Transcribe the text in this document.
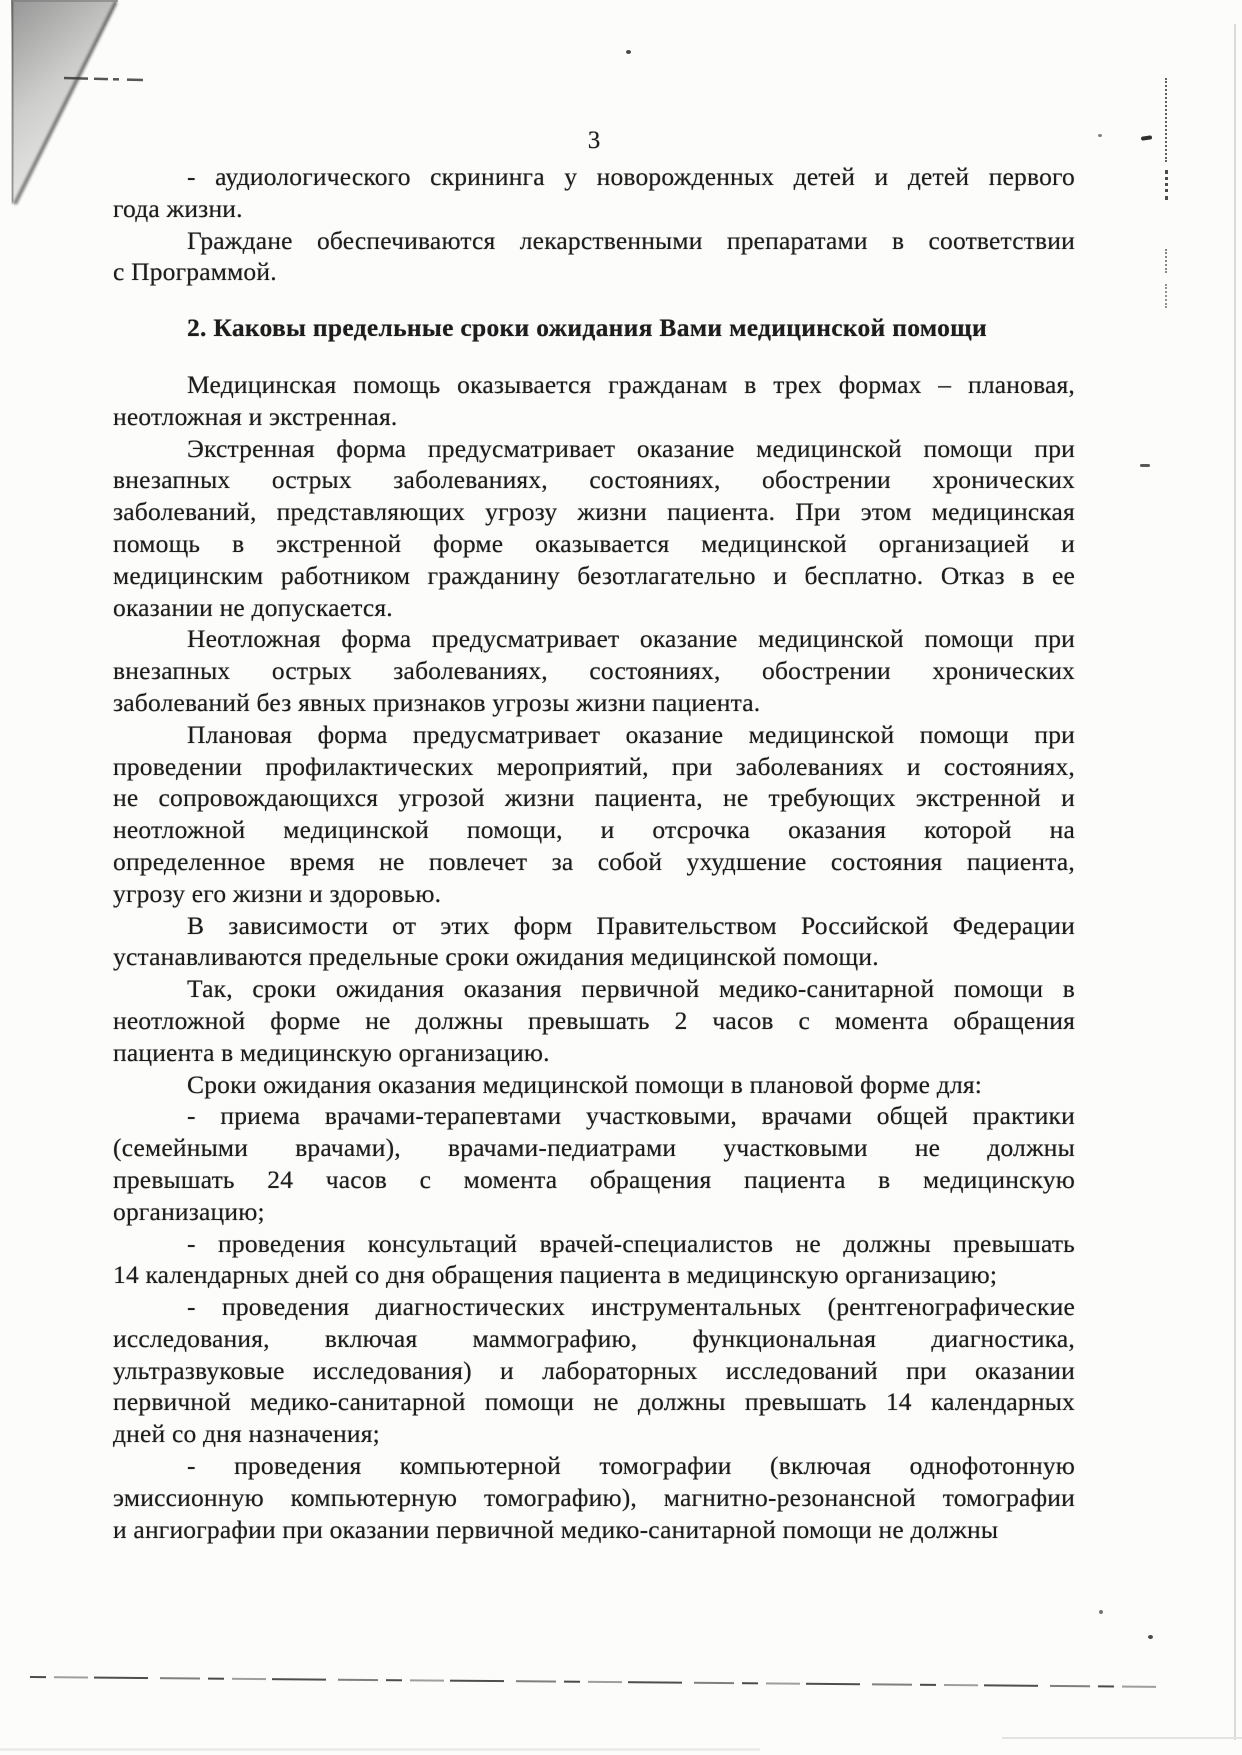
3
- аудиологического скрининга у новорожденных детей и детей первого
года жизни.
Граждане обеспечиваются лекарственными препаратами в соответствии
с Программой.
2. Каковы предельные сроки ожидания Вами медицинской помощи
Медицинская помощь оказывается гражданам в трех формах – плановая,
неотложная и экстренная.
Экстренная форма предусматривает оказание медицинской помощи при
внезапных острых заболеваниях, состояниях, обострении хронических
заболеваний, представляющих угрозу жизни пациента. При этом медицинская
помощь в экстренной форме оказывается медицинской организацией и
медицинским работником гражданину безотлагательно и бесплатно. Отказ в ее
оказании не допускается.
Неотложная форма предусматривает оказание медицинской помощи при
внезапных острых заболеваниях, состояниях, обострении хронических
заболеваний без явных признаков угрозы жизни пациента.
Плановая форма предусматривает оказание медицинской помощи при
проведении профилактических мероприятий, при заболеваниях и состояниях,
не сопровождающихся угрозой жизни пациента, не требующих экстренной и
неотложной медицинской помощи, и отсрочка оказания которой на
определенное время не повлечет за собой ухудшение состояния пациента,
угрозу его жизни и здоровью.
В зависимости от этих форм Правительством Российской Федерации
устанавливаются предельные сроки ожидания медицинской помощи.
Так, сроки ожидания оказания первичной медико-санитарной помощи в
неотложной форме не должны превышать 2 часов с момента обращения
пациента в медицинскую организацию.
Сроки ожидания оказания медицинской помощи в плановой форме для:
- приема врачами-терапевтами участковыми, врачами общей практики
(семейными врачами), врачами-педиатрами участковыми не должны
превышать 24 часов с момента обращения пациента в медицинскую
организацию;
- проведения консультаций врачей-специалистов не должны превышать
14 календарных дней со дня обращения пациента в медицинскую организацию;
- проведения диагностических инструментальных (рентгенографические
исследования, включая маммографию, функциональная диагностика,
ультразвуковые исследования) и лабораторных исследований при оказании
первичной медико-санитарной помощи не должны превышать 14 календарных
дней со дня назначения;
- проведения компьютерной томографии (включая однофотонную
эмиссионную компьютерную томографию), магнитно-резонансной томографии
и ангиографии при оказании первичной медико-санитарной помощи не должны
